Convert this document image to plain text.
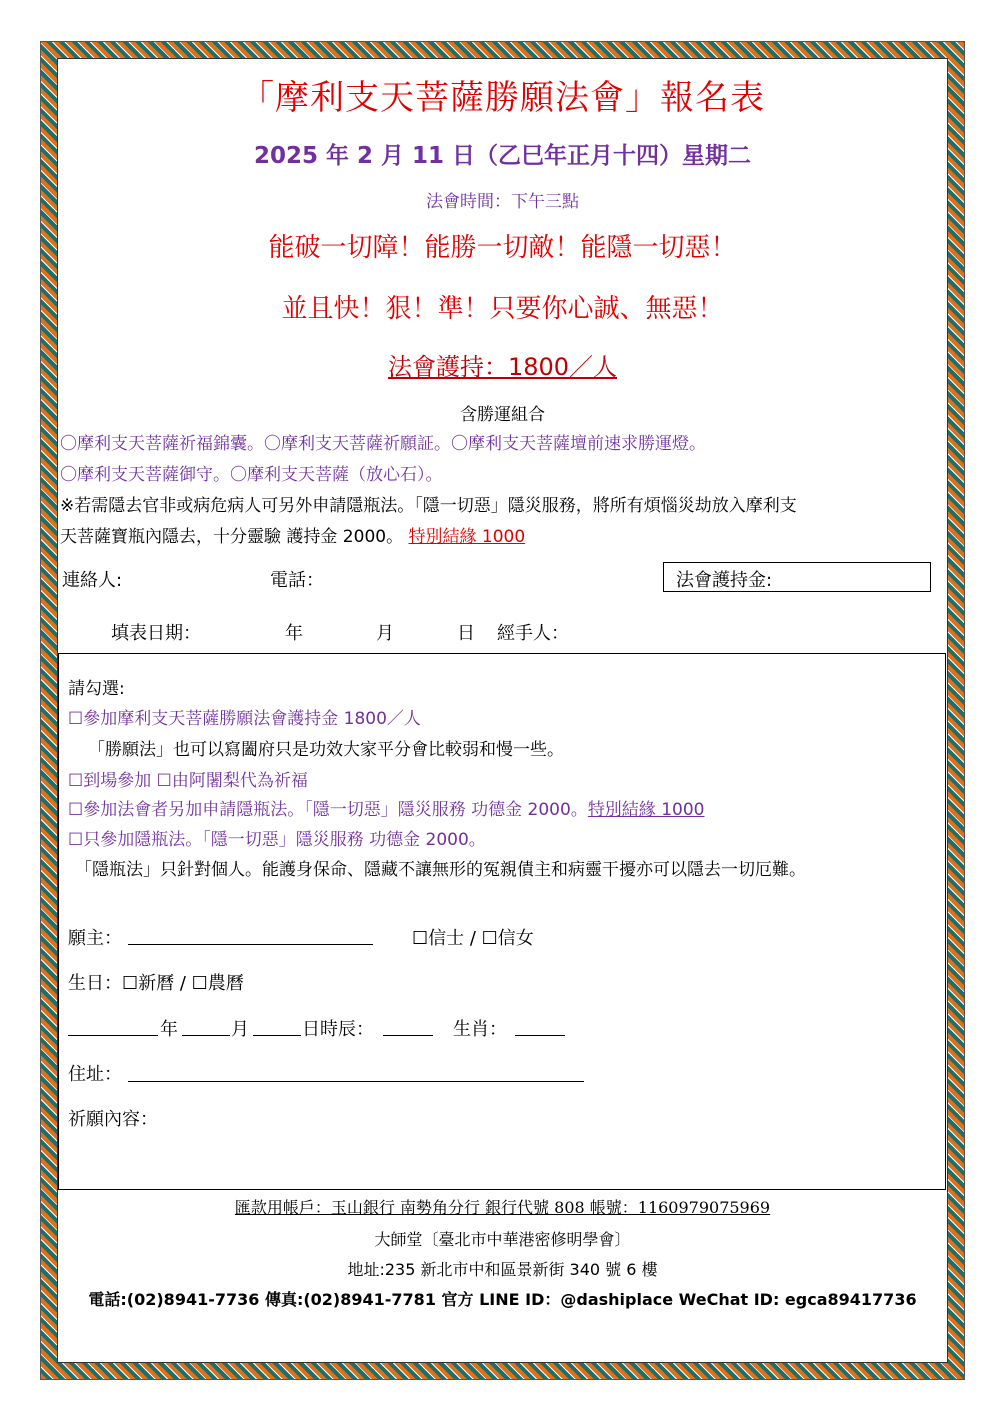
「摩利支天菩薩勝願法會」報名表
2025 年 2 月 11 日（乙巳年正月十四）星期二
法會時間：下午三點
能破一切障！能勝一切敵！能隱一切惡！
並且快！狠！準！只要你心誠、無惡！
法會護持：1800／人
含勝運組合
〇摩利支天菩薩祈福錦囊。〇摩利支天菩薩祈願証。〇摩利支天菩薩壇前速求勝運燈。
〇摩利支天菩薩御守。〇摩利支天菩薩（放心石）。
※若需隱去官非或病危病人可另外申請隱瓶法。「隱一切惡」隱災服務，將所有煩惱災劫放入摩利支
天菩薩寶瓶內隱去，十分靈驗 護持金 2000。 特別結緣 1000
連絡人:	電話：	法會護持金:
填表日期：	年	月	日 經手人：
請勾選:
☐參加摩利支天菩薩勝願法會護持金 1800／人
「勝願法」也可以寫闔府只是功效大家平分會比較弱和慢一些。
☐到場參加 ☐由阿闍梨代為祈福
☐參加法會者另加申請隱瓶法。「隱一切惡」隱災服務 功德金 2000。特別結緣 1000
☐只參加隱瓶法。「隱一切惡」隱災服務 功德金 2000。
「隱瓶法」只針對個人。能護身保命、隱藏不讓無形的冤親債主和病靈干擾亦可以隱去一切厄難。
願主：	☐信士 / ☐信女
生日：☐新曆 / ☐農曆
年	月	日時辰：	生肖：
住址：
祈願內容：
匯款用帳戶：玉山銀行 南勢角分行 銀行代號 808 帳號：1160979075969
大師堂〔臺北市中華港密修明學會〕
地址:235 新北市中和區景新街 340 號 6 樓
電話:(02)8941-7736 傳真:(02)8941-7781 官方 LINE ID：@dashiplace WeChat ID: egca89417736
